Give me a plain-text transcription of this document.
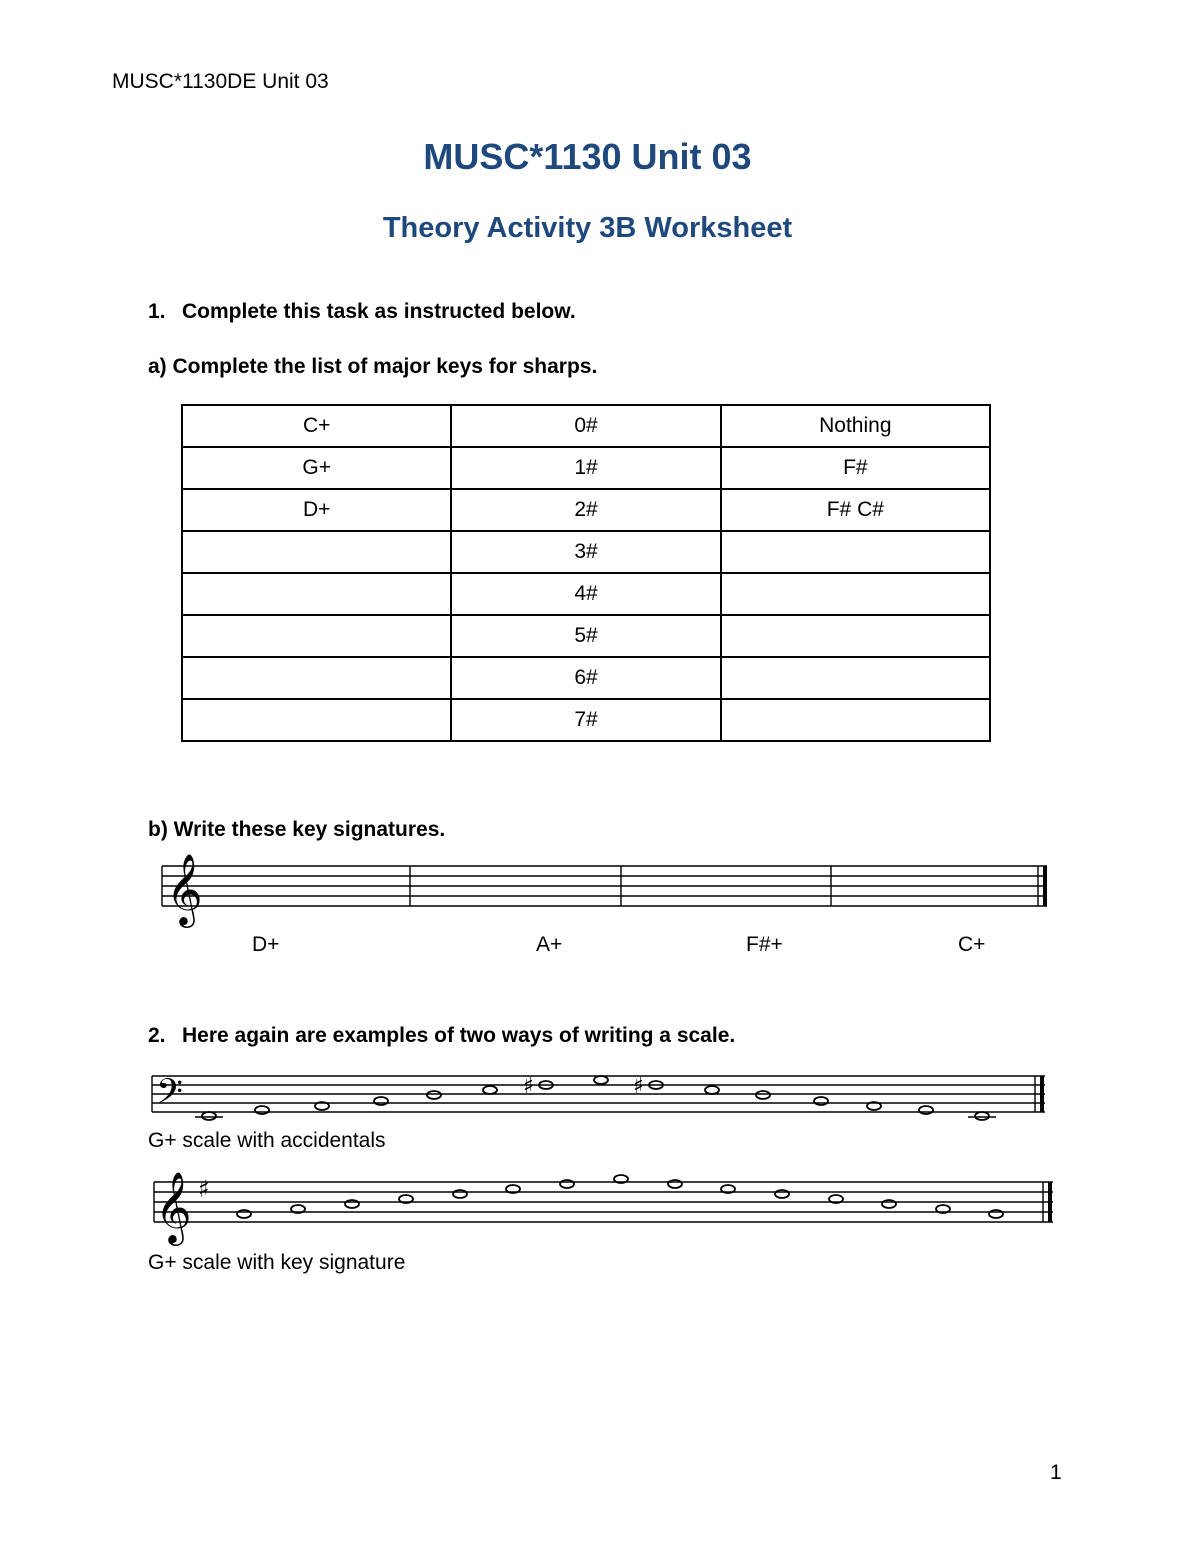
MUSC*1130DE Unit 03
MUSC*1130 Unit 03
Theory Activity 3B Worksheet
1. Complete this task as instructed below.
a) Complete the list of major keys for sharps.
C+	0#	Nothing
G+	1#	F#
D+	2#	F# C#
	3#	
	4#	
	5#	
	6#	
	7#	
b) Write these key signatures.
𝄞
𝄢	♯	♯
𝄞 ♯
D+	A+	F#+	C+
2. Here again are examples of two ways of writing a scale.
G+ scale with accidentals
G+ scale with key signature
1
